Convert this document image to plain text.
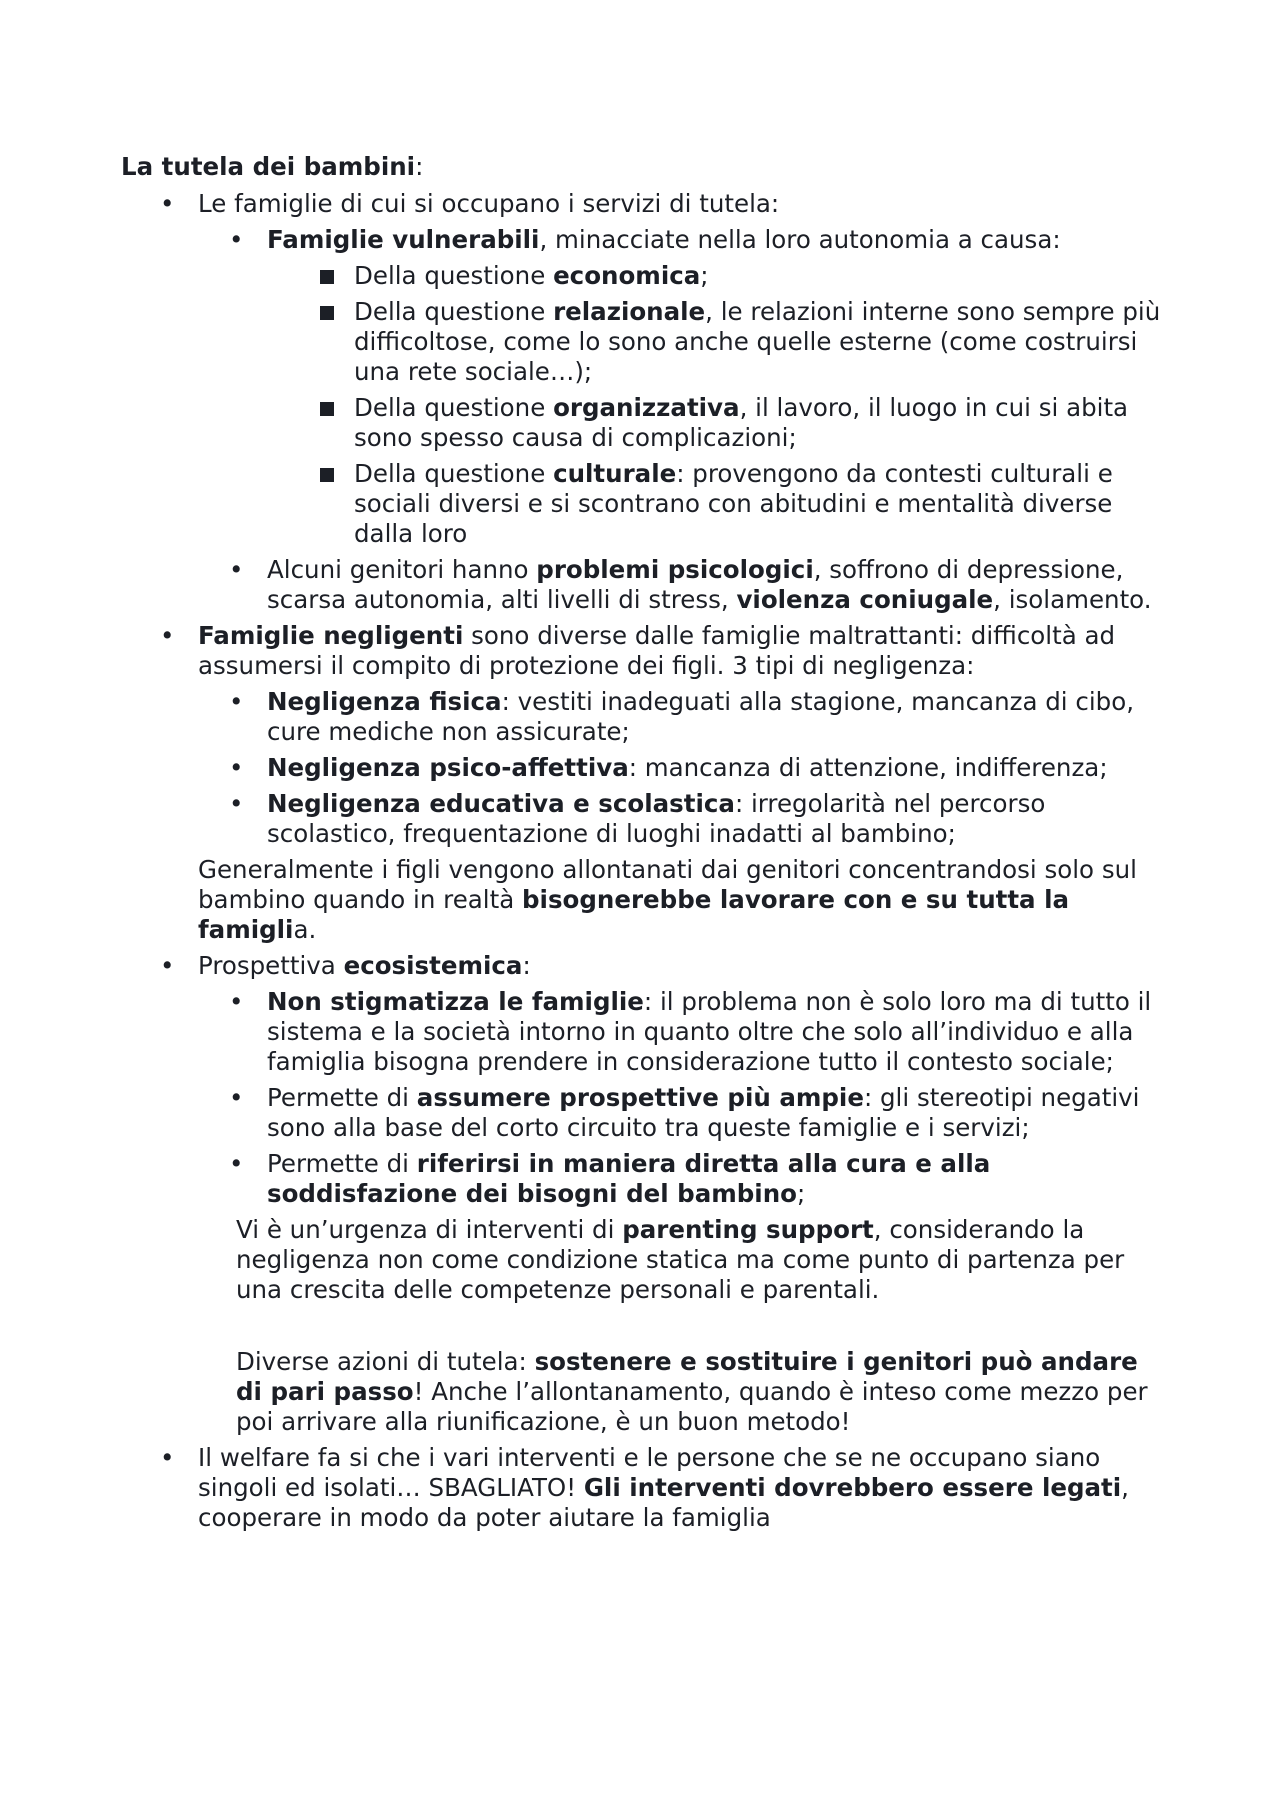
La tutela dei bambini:
• Le famiglie di cui si occupano i servizi di tutela:
• Famiglie vulnerabili, minacciate nella loro autonomia a causa:
Della questione economica;
Della questione relazionale, le relazioni interne sono sempre più difficoltose, come lo sono anche quelle esterne (come costruirsi una rete sociale…);
Della questione organizzativa, il lavoro, il luogo in cui si abita sono spesso causa di complicazioni;
Della questione culturale: provengono da contesti culturali e sociali diversi e si scontrano con abitudini e mentalità diverse dalla loro
• Alcuni genitori hanno problemi psicologici, soffrono di depressione, scarsa autonomia, alti livelli di stress, violenza coniugale, isolamento.
• Famiglie negligenti sono diverse dalle famiglie maltrattanti: difficoltà ad assumersi il compito di protezione dei figli. 3 tipi di negligenza:
• Negligenza fisica: vestiti inadeguati alla stagione, mancanza di cibo, cure mediche non assicurate;
• Negligenza psico-affettiva: mancanza di attenzione, indifferenza;
• Negligenza educativa e scolastica: irregolarità nel percorso scolastico, frequentazione di luoghi inadatti al bambino;
Generalmente i figli vengono allontanati dai genitori concentrandosi solo sul bambino quando in realtà bisognerebbe lavorare con e su tutta la famiglia.
• Prospettiva ecosistemica:
• Non stigmatizza le famiglie: il problema non è solo loro ma di tutto il sistema e la società intorno in quanto oltre che solo all’individuo e alla famiglia bisogna prendere in considerazione tutto il contesto sociale;
• Permette di assumere prospettive più ampie: gli stereotipi negativi sono alla base del corto circuito tra queste famiglie e i servizi;
• Permette di riferirsi in maniera diretta alla cura e alla soddisfazione dei bisogni del bambino;
Vi è un’urgenza di interventi di parenting support, considerando la negligenza non come condizione statica ma come punto di partenza per una crescita delle competenze personali e parentali.
Diverse azioni di tutela: sostenere e sostituire i genitori può andare di pari passo! Anche l’allontanamento, quando è inteso come mezzo per poi arrivare alla riunificazione, è un buon metodo!
• Il welfare fa si che i vari interventi e le persone che se ne occupano siano singoli ed isolati… SBAGLIATO! Gli interventi dovrebbero essere legati, cooperare in modo da poter aiutare la famiglia
